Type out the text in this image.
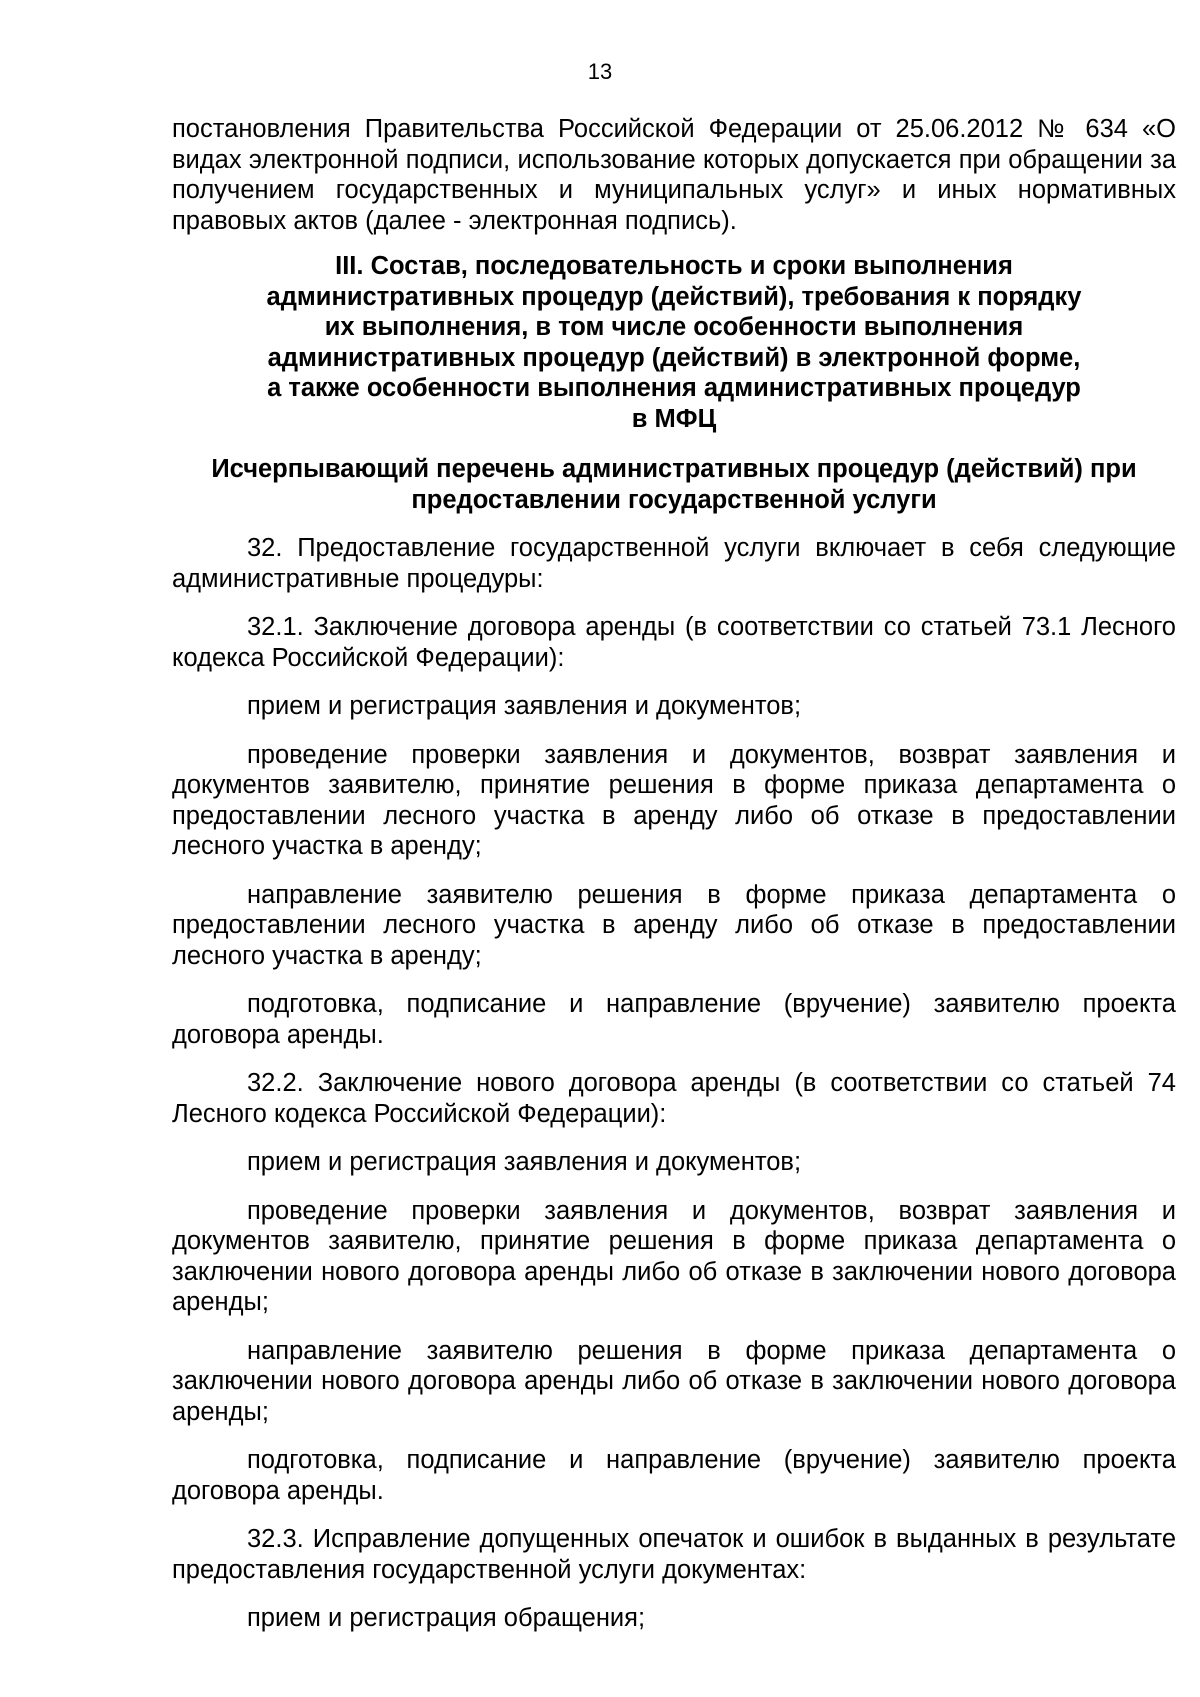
13

постановления Правительства Российской Федерации от 25.06.2012 № 634 «О видах электронной подписи, использование которых допускается при обращении за получением государственных и муниципальных услуг» и иных нормативных правовых актов (далее - электронная подпись).

III. Состав, последовательность и сроки выполнения
административных процедур (действий), требования к порядку
их выполнения, в том числе особенности выполнения
административных процедур (действий) в электронной форме,
а также особенности выполнения административных процедур
в МФЦ
Исчерпывающий перечень административных процедур (действий) при
предоставлении государственной услуги

32. Предоставление государственной услуги включает в себя следующие административные процедуры:

32.1. Заключение договора аренды (в соответствии со статьей 73.1 Лесного кодекса Российской Федерации):

прием и регистрация заявления и документов;

проведение проверки заявления и документов, возврат заявления и документов заявителю, принятие решения в форме приказа департамента о предоставлении лесного участка в аренду либо об отказе в предоставлении лесного участка в аренду;

направление заявителю решения в форме приказа департамента о предоставлении лесного участка в аренду либо об отказе в предоставлении лесного участка в аренду;

подготовка, подписание и направление (вручение) заявителю проекта договора аренды.

32.2. Заключение нового договора аренды (в соответствии со статьей 74 Лесного кодекса Российской Федерации):

прием и регистрация заявления и документов;

проведение проверки заявления и документов, возврат заявления и документов заявителю, принятие решения в форме приказа департамента о заключении нового договора аренды либо об отказе в заключении нового договора аренды;

направление заявителю решения в форме приказа департамента о заключении нового договора аренды либо об отказе в заключении нового договора аренды;

подготовка, подписание и направление (вручение) заявителю проекта договора аренды.

32.3. Исправление допущенных опечаток и ошибок в выданных в результате предоставления государственной услуги документах:

прием и регистрация обращения;
